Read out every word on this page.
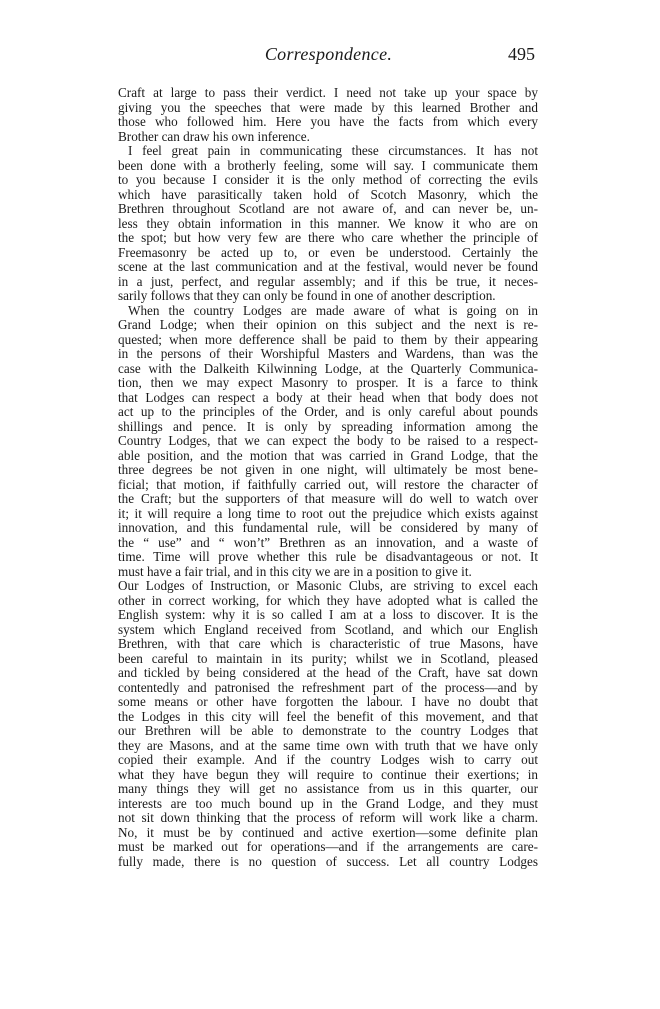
Correspondence.	495
Craft at large to pass their verdict. I need not take up your space by
giving you the speeches that were made by this learned Brother and
those who followed him. Here you have the facts from which every
Brother can draw his own inference.
I feel great pain in communicating these circumstances. It has not
been done with a brotherly feeling, some will say. I communicate them
to you because I consider it is the only method of correcting the evils
which have parasitically taken hold of Scotch Masonry, which the
Brethren throughout Scotland are not aware of, and can never be, un-
less they obtain information in this manner. We know it who are on
the spot; but how very few are there who care whether the principle of
Freemasonry be acted up to, or even be understood. Certainly the
scene at the last communication and at the festival, would never be found
in a just, perfect, and regular assembly; and if this be true, it neces-
sarily follows that they can only be found in one of another description.
When the country Lodges are made aware of what is going on in
Grand Lodge; when their opinion on this subject and the next is re-
quested; when more defference shall be paid to them by their appearing
in the persons of their Worshipful Masters and Wardens, than was the
case with the Dalkeith Kilwinning Lodge, at the Quarterly Communica-
tion, then we may expect Masonry to prosper. It is a farce to think
that Lodges can respect a body at their head when that body does not
act up to the principles of the Order, and is only careful about pounds
shillings and pence. It is only by spreading information among the
Country Lodges, that we can expect the body to be raised to a respect-
able position, and the motion that was carried in Grand Lodge, that the
three degrees be not given in one night, will ultimately be most bene-
ficial; that motion, if faithfully carried out, will restore the character of
the Craft; but the supporters of that measure will do well to watch over
it; it will require a long time to root out the prejudice which exists against
innovation, and this fundamental rule, will be considered by many of
the “ use” and “ won’t” Brethren as an innovation, and a waste of
time. Time will prove whether this rule be disadvantageous or not. It
must have a fair trial, and in this city we are in a position to give it.
Our Lodges of Instruction, or Masonic Clubs, are striving to excel each
other in correct working, for which they have adopted what is called the
English system: why it is so called I am at a loss to discover. It is the
system which England received from Scotland, and which our English
Brethren, with that care which is characteristic of true Masons, have
been careful to maintain in its purity; whilst we in Scotland, pleased
and tickled by being considered at the head of the Craft, have sat down
contentedly and patronised the refreshment part of the process—and by
some means or other have forgotten the labour. I have no doubt that
the Lodges in this city will feel the benefit of this movement, and that
our Brethren will be able to demonstrate to the country Lodges that
they are Masons, and at the same time own with truth that we have only
copied their example. And if the country Lodges wish to carry out
what they have begun they will require to continue their exertions; in
many things they will get no assistance from us in this quarter, our
interests are too much bound up in the Grand Lodge, and they must
not sit down thinking that the process of reform will work like a charm.
No, it must be by continued and active exertion—some definite plan
must be marked out for operations—and if the arrangements are care-
fully made, there is no question of success. Let all country Lodges
